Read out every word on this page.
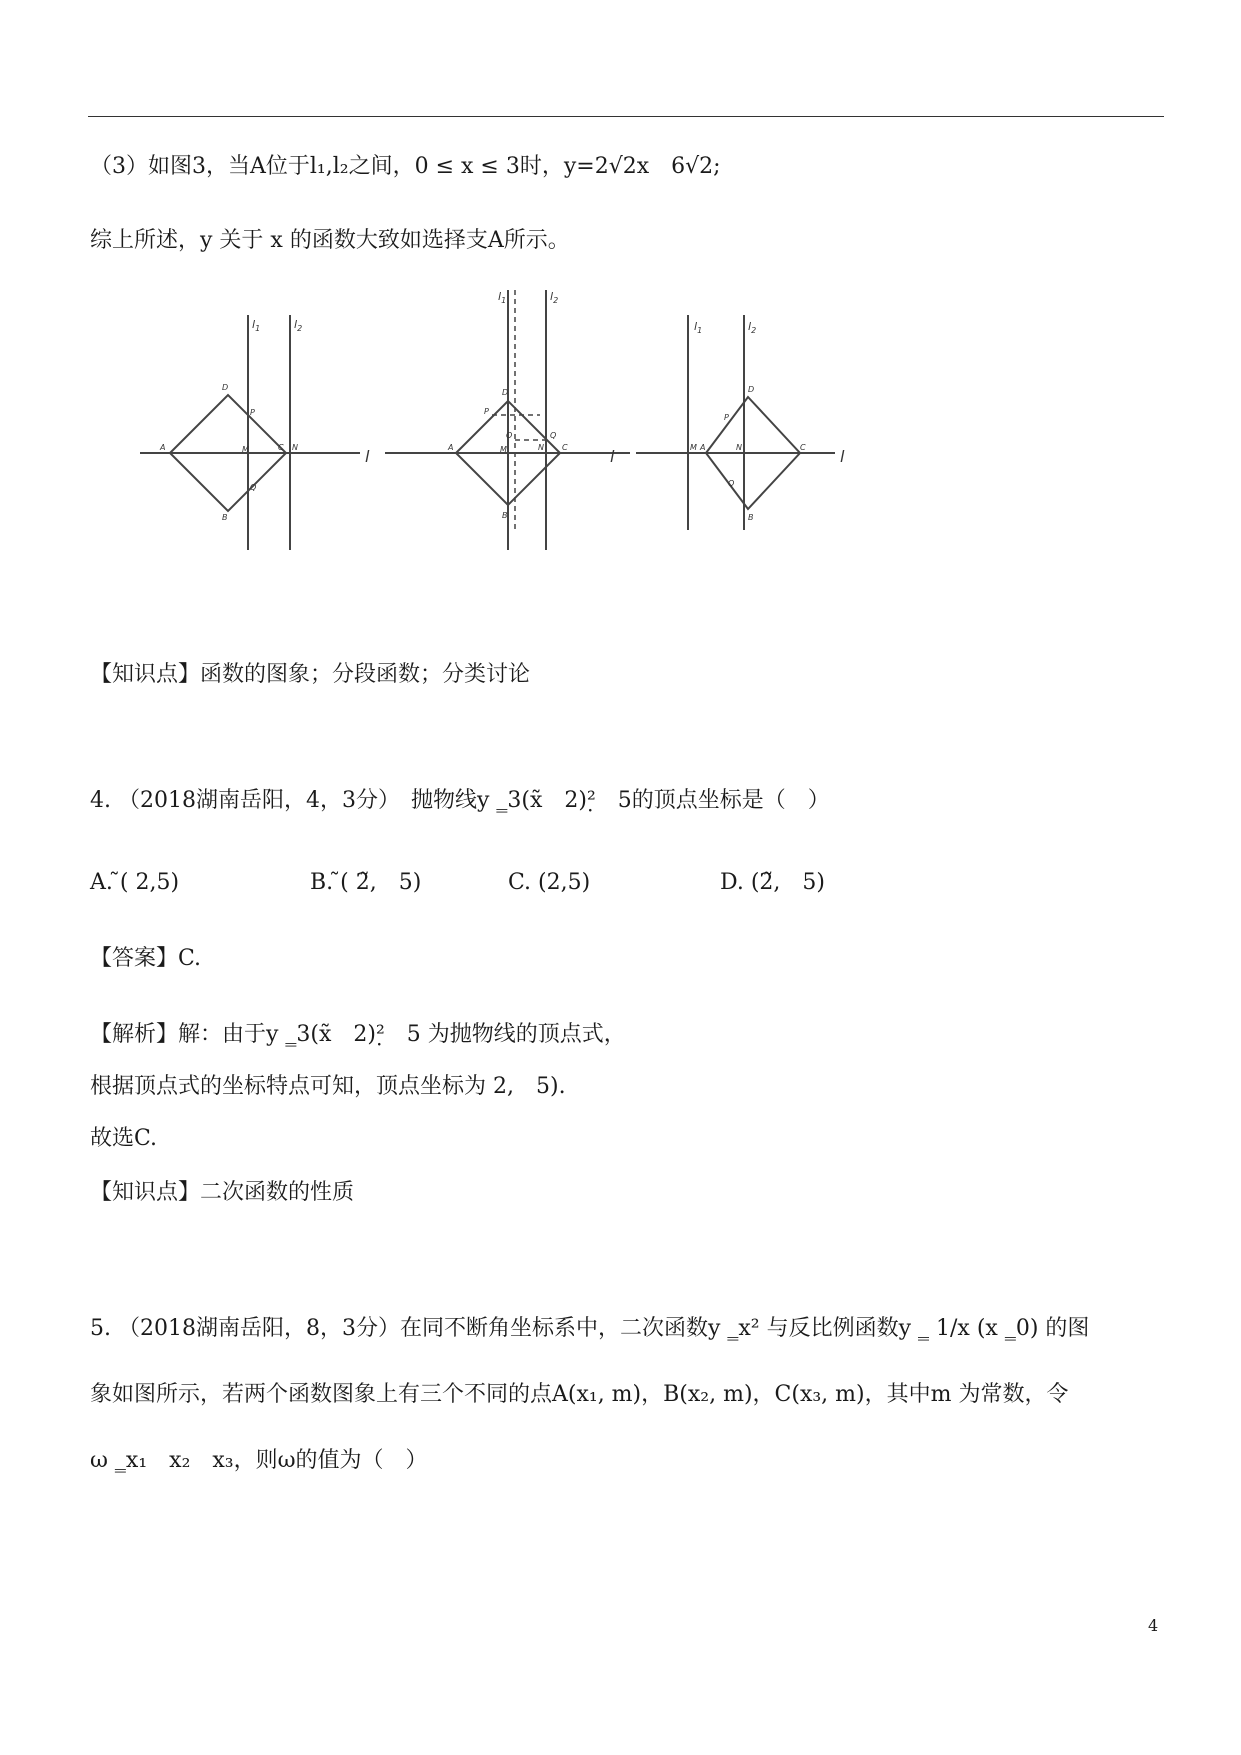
（3）如图3，当A位于l₁,l₂之间，0 ≤ x ≤ 3时，y=2√2x　6√2;
综上所述，y 关于 x 的函数大致如选择支A所示。
$l_1$	$l_2$
l
A
D
P
M	C N
Q
B
$l_1$	$l_2$
l
D
P
Q
M	N C
A
B
O
$l_1$	$l_2$
l
D
P
M A	N	C
Q
B
【知识点】函数的图象；分段函数；分类讨论
4. （2018湖南岳阳，4，3分）　抛物线y ‗3(x̃　2)²̣　5的顶点坐标是（　）
A. ̃( 2,5)	B. ̃( 2̃,　5)	C. (2,5)	D. (2̃,　5)
【答案】C.
【解析】解：由于y ‗3(x̃　2)²̣　5 为抛物线的顶点式，
根据顶点式的坐标特点可知，顶点坐标为 2,　5).
故选C.
【知识点】二次函数的性质
5. （2018湖南岳阳，8，3分）在同不断角坐标系中，二次函数y ‗x² 与反比例函数y ‗ 1/x (x ‗0) 的图
象如图所示，若两个函数图象上有三个不同的点A(x₁, m)，B(x₂, m)，C(x₃, m)，其中m 为常数，令
ω ‗x₁　x₂　x₃，则ω的值为（　）
4
